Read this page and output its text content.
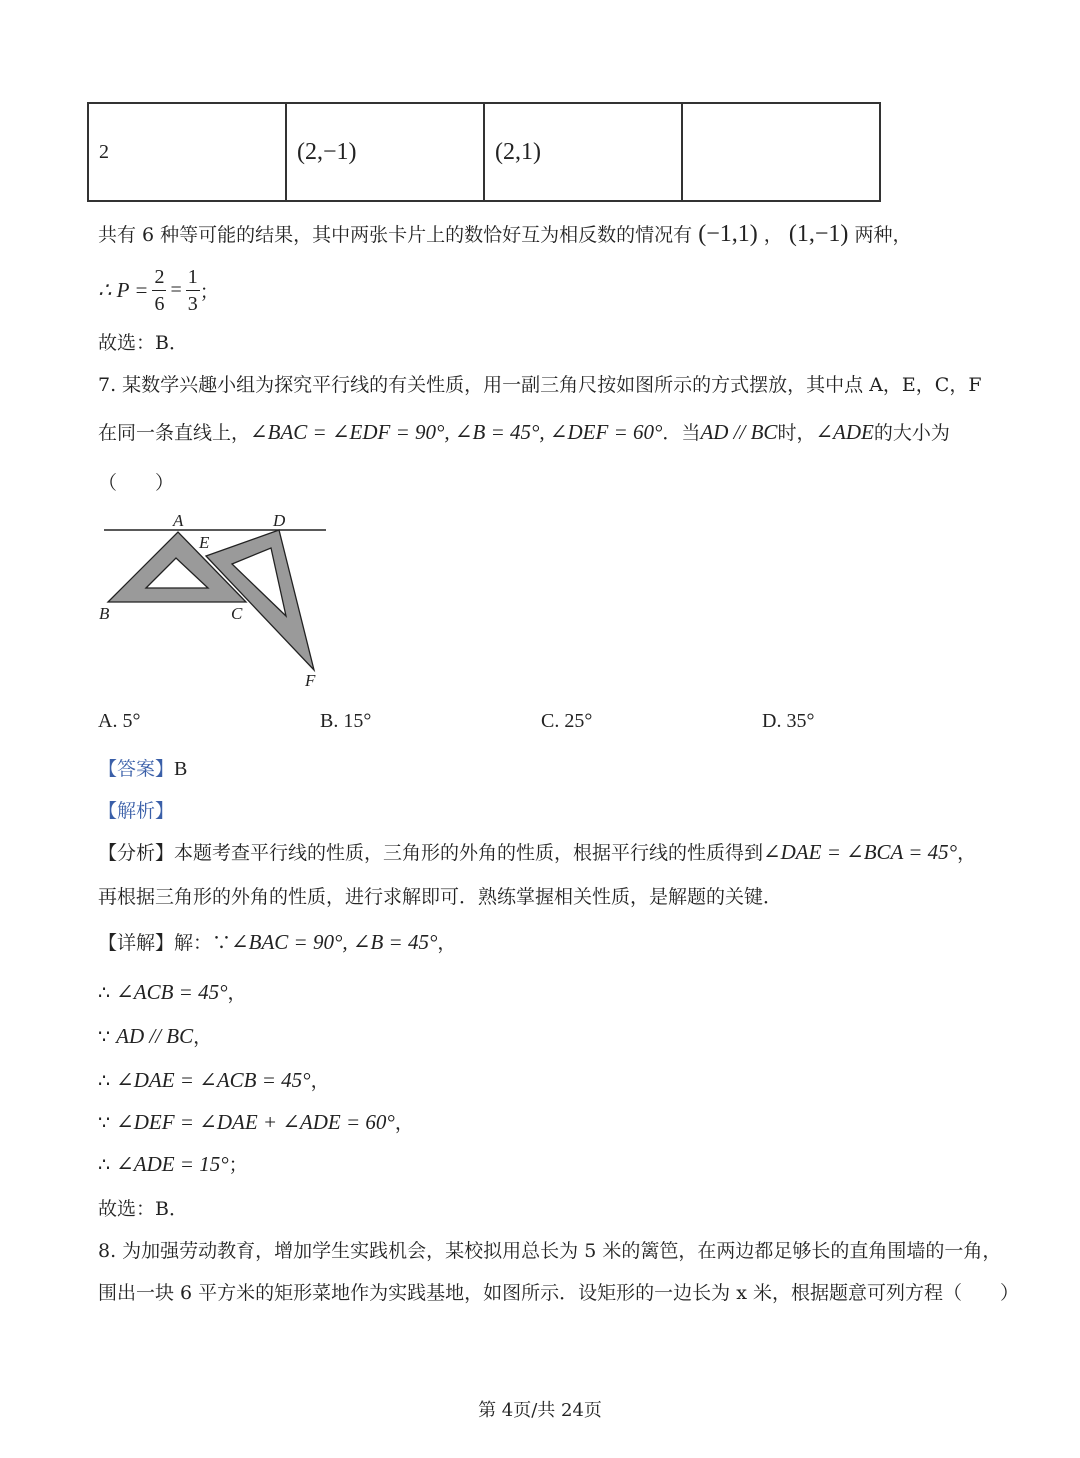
2	(2,−1)	(2,1)	
共有 6 种等可能的结果，其中两张卡片上的数恰好互为相反数的情况有 (−1,1) ， (1,−1) 两种，
∴ $P = \frac{2}{6} = \frac{1}{3}$ ；
故选：B．
7. 某数学兴趣小组为探究平行线的有关性质，用一副三角尺按如图所示的方式摆放，其中点 A，E，C，F
在同一条直线上，∠BAC = ∠EDF = 90°, ∠B = 45°, ∠DEF = 60°．当AD // BC时，∠ADE的大小为
（　　）
A	D
E
B	C
F
A. 5°	B. 15°	C. 25°	D. 35°
【答案】B
【解析】
【分析】本题考查平行线的性质，三角形的外角的性质，根据平行线的性质得到∠DAE = ∠BCA = 45°，
再根据三角形的外角的性质，进行求解即可．熟练掌握相关性质，是解题的关键．
【详解】解：∵∠BAC = 90°, ∠B = 45°，
∴ ∠ACB = 45°，
∵ AD // BC，
∴ ∠DAE = ∠ACB = 45°，
∵ ∠DEF = ∠DAE + ∠ADE = 60°，
∴ ∠ADE = 15°；
故选：B．
8. 为加强劳动教育，增加学生实践机会，某校拟用总长为 5 米的篱笆，在两边都足够长的直角围墙的一角，
围出一块 6 平方米的矩形菜地作为实践基地，如图所示．设矩形的一边长为 x 米，根据题意可列方程（　　）
第 4页/共 24页
